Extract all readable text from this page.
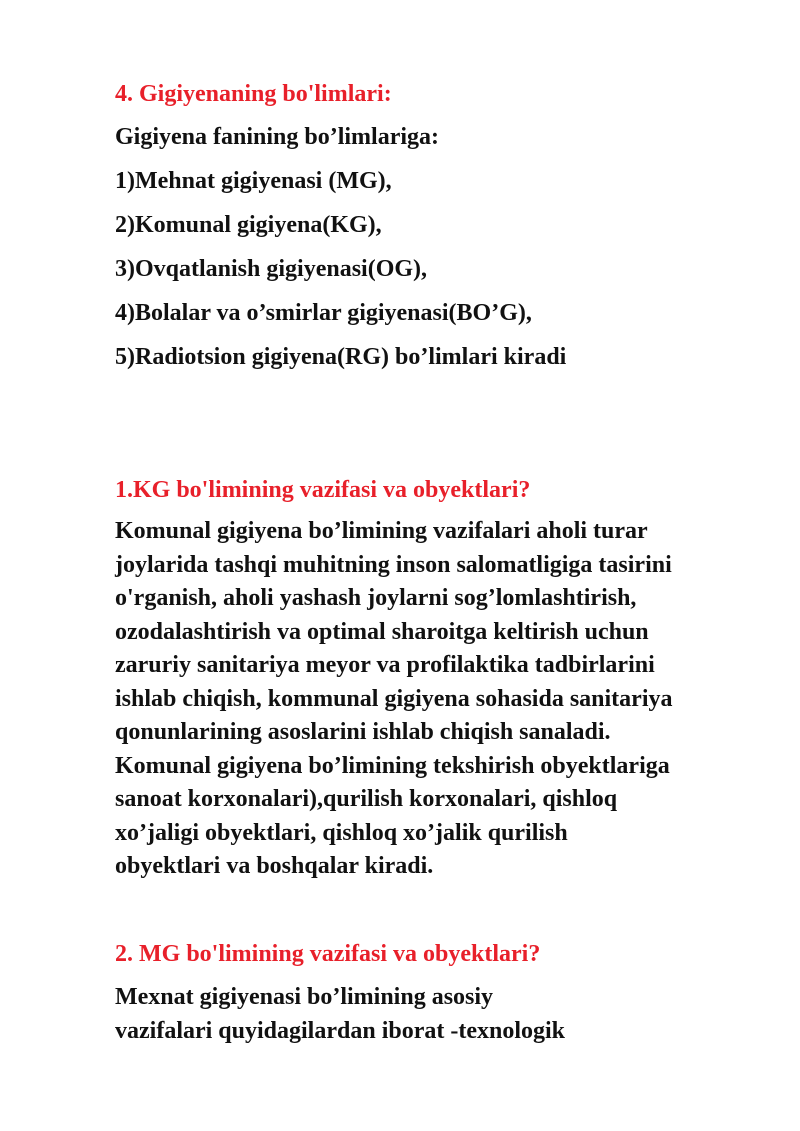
4. Gigiyenaning bo'limlari:

Gigiyena fanining bo’limlariga:

1)Mehnat gigiyenasi (MG),

2)Komunal gigiyena(KG),

3)Ovqatlanish gigiyenasi(OG),

4)Bolalar va o’smirlar gigiyenasi(BO’G),

5)Radiotsion gigiyena(RG) bo’limlari kiradi

1.KG bo'limining vazifasi va obyektlari?

Komunal gigiyena bo’limining vazifalari aholi turar

joylarida tashqi muhitning inson salomatligiga tasirini

o'rganish, aholi yashash joylarni sog’lomlashtirish,

ozodalashtirish va optimal sharoitga keltirish uchun

zaruriy sanitariya meyor va profilaktika tadbirlarini

ishlab chiqish, kommunal gigiyena sohasida sanitariya

qonunlarining asoslarini ishlab chiqish sanaladi.

Komunal gigiyena bo’limining tekshirish obyektlariga

sanoat korxonalari),qurilish korxonalari, qishloq

xo’jaligi obyektlari, qishloq xo’jalik qurilish

obyektlari va boshqalar kiradi.

2. MG bo'limining vazifasi va obyektlari?

Mexnat gigiyenasi bo’limining asosiy

vazifalari quyidagilardan iborat -texnologik
